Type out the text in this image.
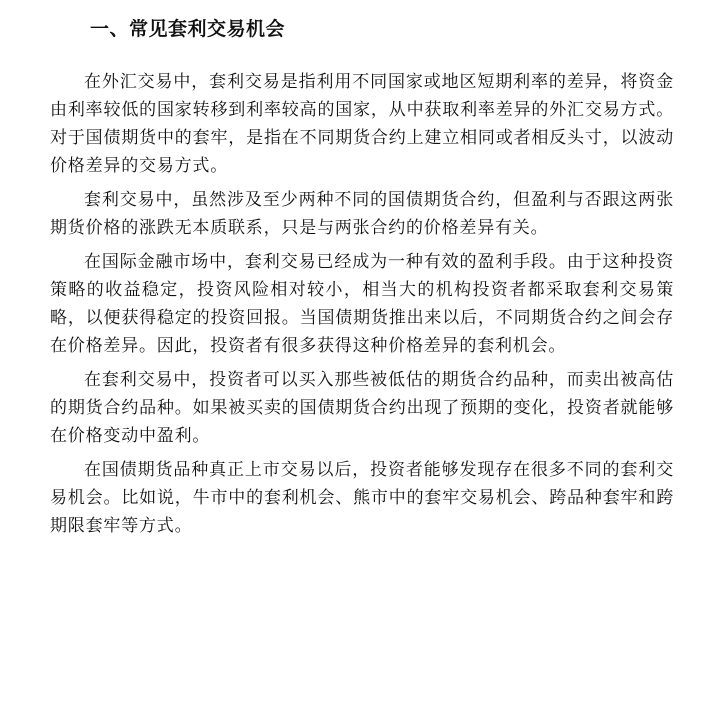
一、常见套利交易机会

在外汇交易中，套利交易是指利用不同国家或地区短期利率的差异，将资金由利率较低的国家转移到利率较高的国家，从中获取利率差异的外汇交易方式。对于国债期货中的套牢，是指在不同期货合约上建立相同或者相反头寸，以波动价格差异的交易方式。

套利交易中，虽然涉及至少两种不同的国债期货合约，但盈利与否跟这两张期货价格的涨跌无本质联系，只是与两张合约的价格差异有关。

在国际金融市场中，套利交易已经成为一种有效的盈利手段。由于这种投资策略的收益稳定，投资风险相对较小，相当大的机构投资者都采取套利交易策略，以便获得稳定的投资回报。当国债期货推出来以后，不同期货合约之间会存在价格差异。因此，投资者有很多获得这种价格差异的套利机会。

在套利交易中，投资者可以买入那些被低估的期货合约品种，而卖出被高估的期货合约品种。如果被买卖的国债期货合约出现了预期的变化，投资者就能够在价格变动中盈利。

在国债期货品种真正上市交易以后，投资者能够发现存在很多不同的套利交易机会。比如说，牛市中的套利机会、熊市中的套牢交易机会、跨品种套牢和跨期限套牢等方式。
